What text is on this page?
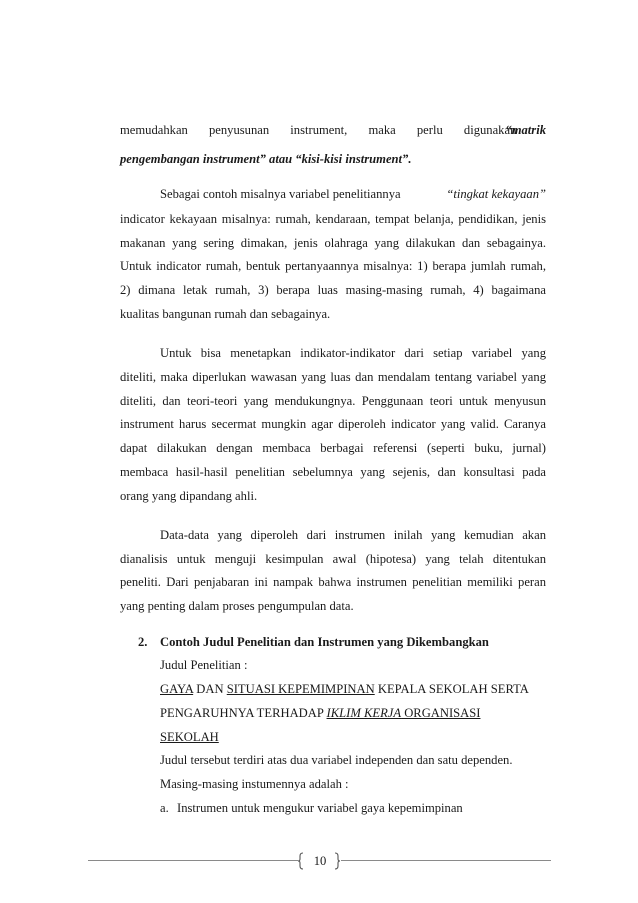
memudahkan penyusunan instrument, maka perlu digunakan
“matrik
pengembangan instrument” atau “kisi-kisi instrument”.
Sebagai contoh misalnya variabel penelitiannya	“tingkat kekayaan”
indicator kekayaan misalnya: rumah, kendaraan, tempat belanja, pendidikan, jenis
makanan yang sering dimakan, jenis olahraga yang dilakukan dan sebagainya.
Untuk indicator rumah, bentuk pertanyaannya misalnya: 1) berapa jumlah rumah,
2) dimana letak rumah, 3) berapa luas masing-masing rumah, 4) bagaimana
kualitas bangunan rumah dan sebagainya.
Untuk bisa menetapkan indikator-indikator dari setiap variabel yang
diteliti, maka diperlukan wawasan yang luas dan mendalam tentang variabel yang
diteliti, dan teori-teori yang mendukungnya. Penggunaan teori untuk menyusun
instrument harus secermat mungkin agar diperoleh indicator yang valid. Caranya
dapat dilakukan dengan membaca berbagai referensi (seperti buku, jurnal)
membaca hasil-hasil penelitian sebelumnya yang sejenis, dan konsultasi pada
orang yang dipandang ahli.
Data-data yang diperoleh dari instrumen inilah yang kemudian akan
dianalisis untuk menguji kesimpulan awal (hipotesa) yang telah ditentukan
peneliti. Dari penjabaran ini nampak bahwa instrumen penelitian memiliki peran
yang penting dalam proses pengumpulan data.
2. Contoh Judul Penelitian dan Instrumen yang Dikembangkan
Judul Penelitian :
GAYA DAN SITUASI KEPEMIMPINAN KEPALA SEKOLAH SERTA
PENGARUHNYA TERHADAP IKLIM KERJA ORGANISASI
SEKOLAH
Judul tersebut terdiri atas dua variabel independen dan satu dependen.
Masing-masing instumennya adalah :
a. Instrumen untuk mengukur variabel gaya kepemimpinan
10
